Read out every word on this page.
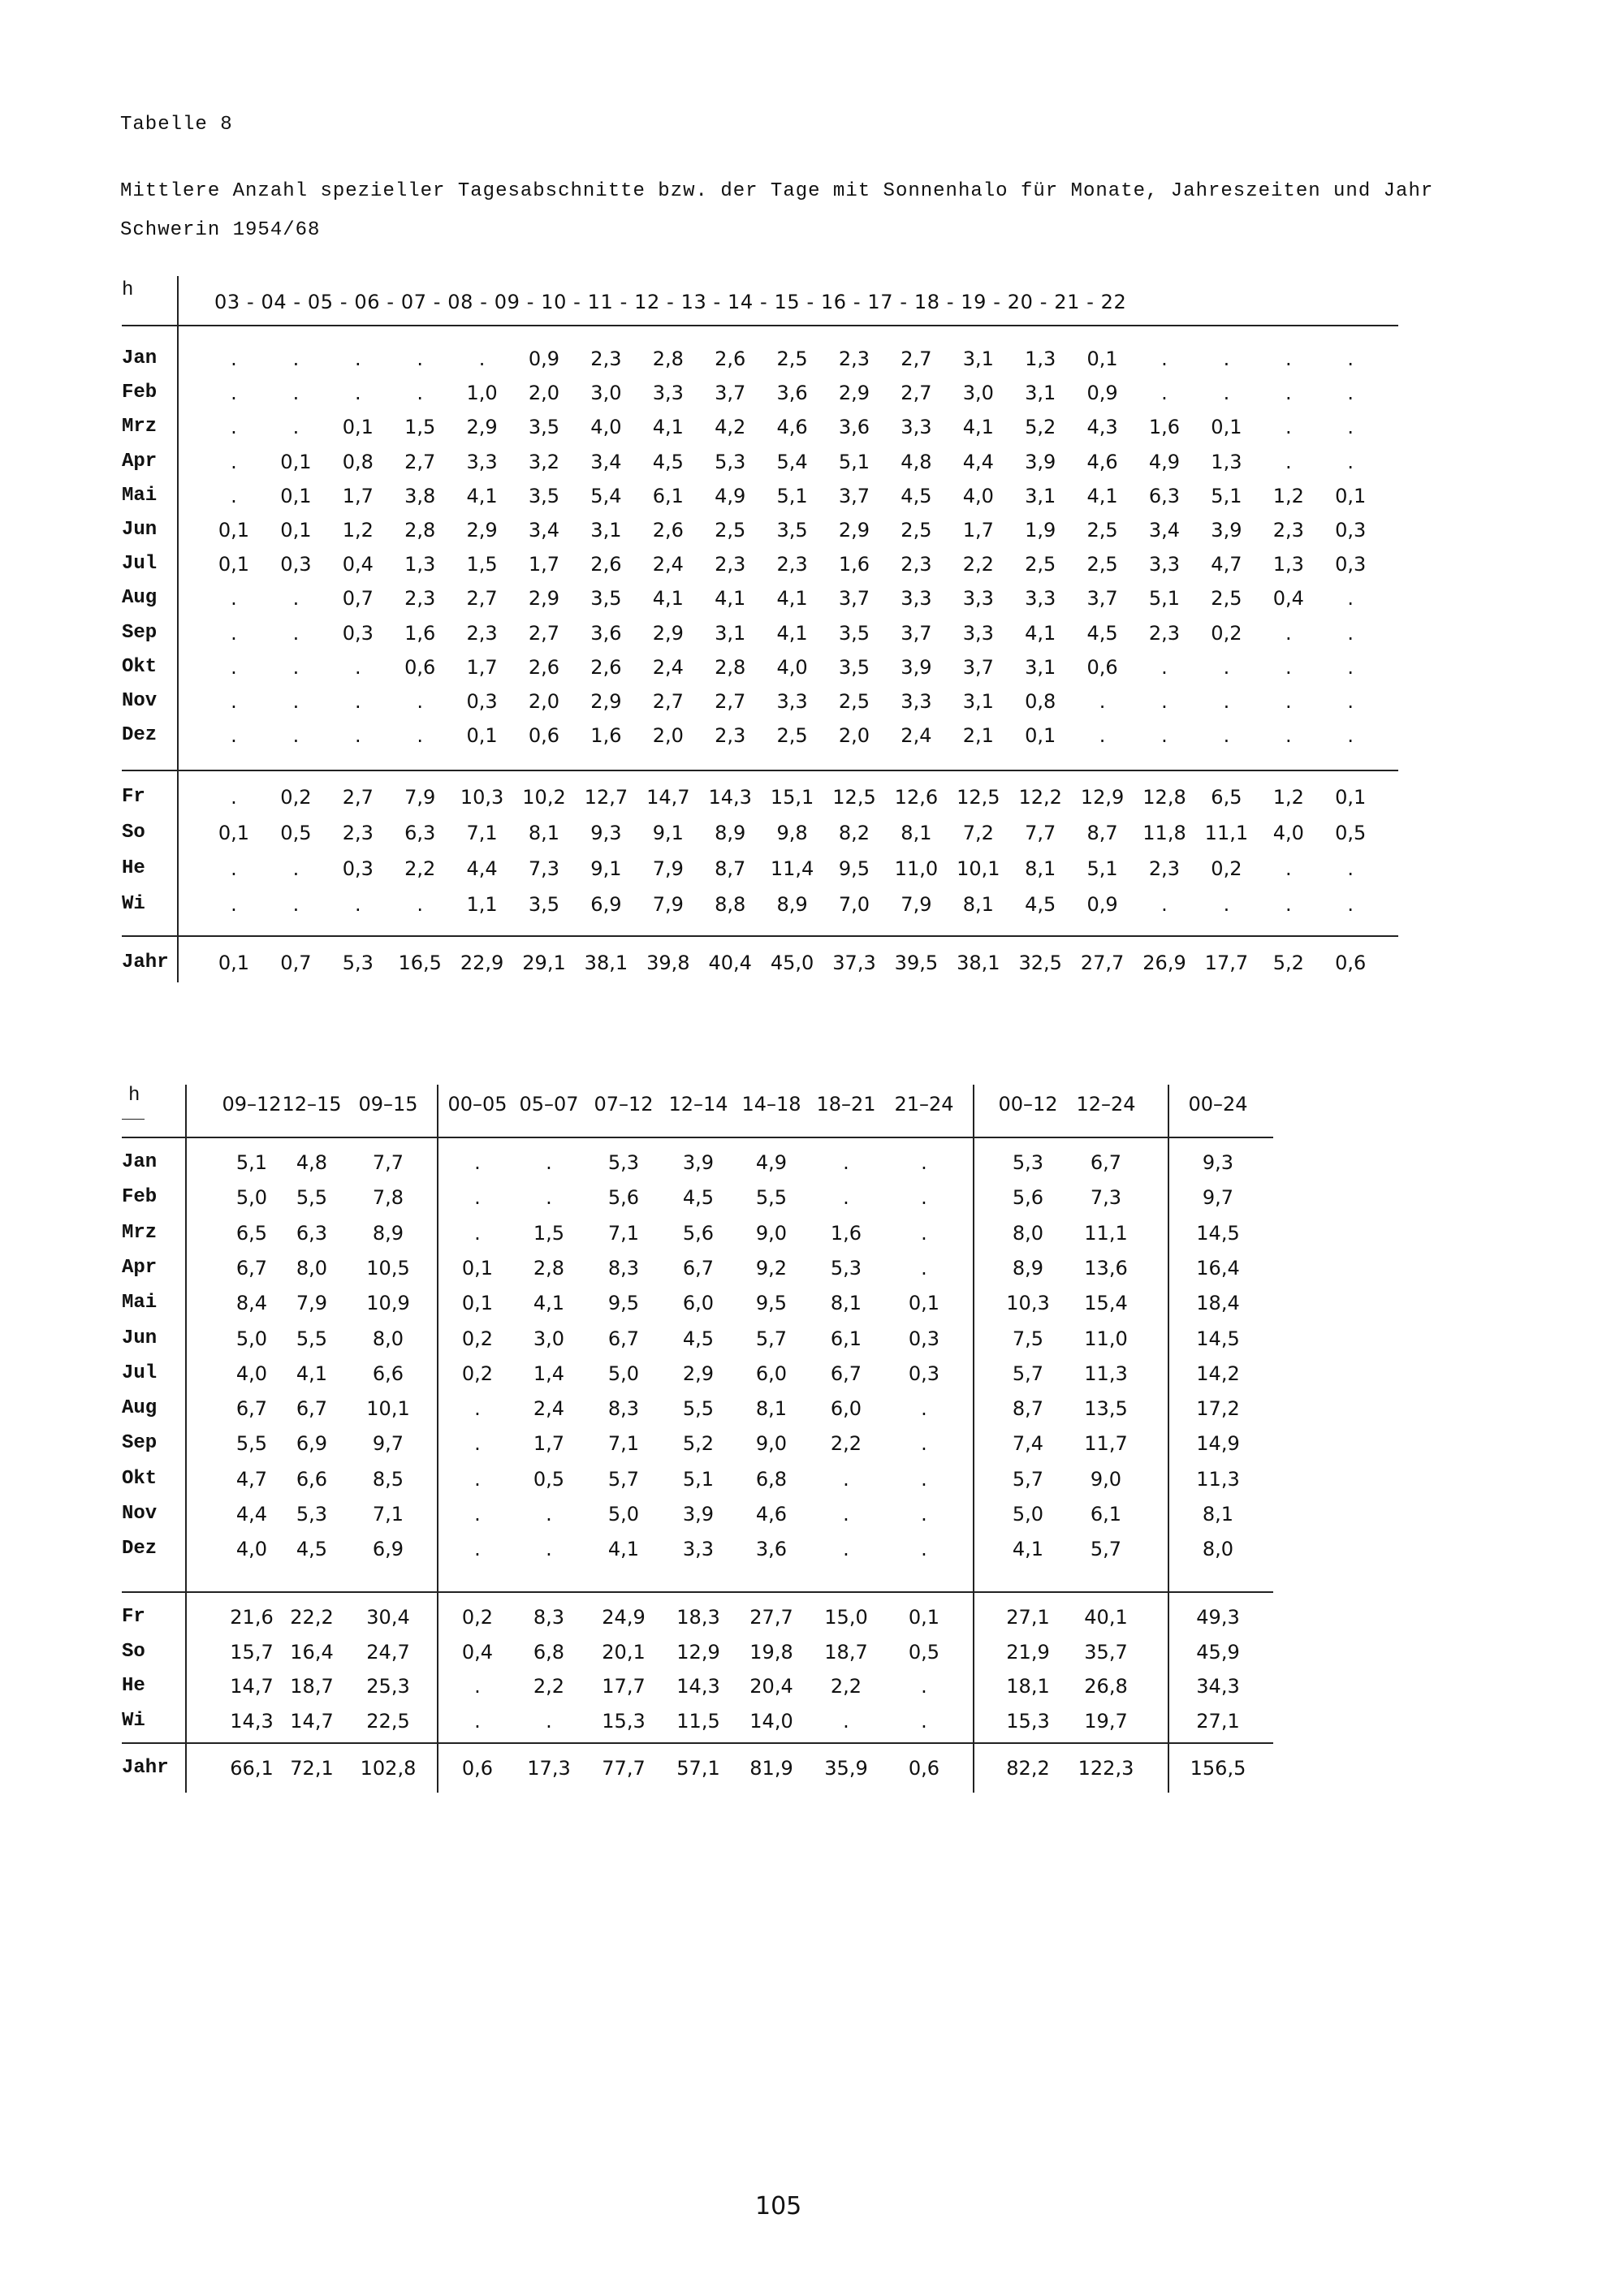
Tabelle 8
Mittlere Anzahl spezieller Tagesabschnitte bzw. der Tage mit Sonnenhalo für Monate, Jahreszeiten und Jahr
Schwerin 1954/68
h
03 - 04 - 05 - 06 - 07 - 08 - 09 - 10 - 11 - 12 - 13 - 14 - 15 - 16 - 17 - 18 - 19 - 20 - 21 - 22
Jan	.	.	.	.	.	0,9	2,3	2,8	2,6	2,5	2,3	2,7	3,1	1,3	0,1	.	.	.	.
Feb	.	.	.	.	1,0	2,0	3,0	3,3	3,7	3,6	2,9	2,7	3,0	3,1	0,9	.	.	.	.
Mrz	.	.	0,1	1,5	2,9	3,5	4,0	4,1	4,2	4,6	3,6	3,3	4,1	5,2	4,3	1,6	0,1	.	.
Apr	.	0,1	0,8	2,7	3,3	3,2	3,4	4,5	5,3	5,4	5,1	4,8	4,4	3,9	4,6	4,9	1,3	.	.
Mai	.	0,1	1,7	3,8	4,1	3,5	5,4	6,1	4,9	5,1	3,7	4,5	4,0	3,1	4,1	6,3	5,1	1,2	0,1
Jun	0,1	0,1	1,2	2,8	2,9	3,4	3,1	2,6	2,5	3,5	2,9	2,5	1,7	1,9	2,5	3,4	3,9	2,3	0,3
Jul	0,1	0,3	0,4	1,3	1,5	1,7	2,6	2,4	2,3	2,3	1,6	2,3	2,2	2,5	2,5	3,3	4,7	1,3	0,3
Aug	.	.	0,7	2,3	2,7	2,9	3,5	4,1	4,1	4,1	3,7	3,3	3,3	3,3	3,7	5,1	2,5	0,4	.
Sep	.	.	0,3	1,6	2,3	2,7	3,6	2,9	3,1	4,1	3,5	3,7	3,3	4,1	4,5	2,3	0,2	.	.
Okt	.	.	.	0,6	1,7	2,6	2,6	2,4	2,8	4,0	3,5	3,9	3,7	3,1	0,6	.	.	.	.
Nov	.	.	.	.	0,3	2,0	2,9	2,7	2,7	3,3	2,5	3,3	3,1	0,8	.	.	.	.	.
Dez	.	.	.	.	0,1	0,6	1,6	2,0	2,3	2,5	2,0	2,4	2,1	0,1	.	.	.	.	.
Fr	.	0,2	2,7	7,9	10,3 10,2 12,7 14,7 14,3 15,1 12,5 12,6 12,5 12,2 12,9 12,8	6,5	1,2	0,1
So	0,1	0,5	2,3	6,3	7,1	8,1	9,3	9,1	8,9	9,8	8,2	8,1	7,2	7,7	8,7	11,8 11,1	4,0	0,5
He	.	.	0,3	2,2	4,4	7,3	9,1	7,9	8,7	11,4	9,5	11,0 10,1	8,1	5,1	2,3	0,2	.	.
Wi	.	.	.	.	1,1	3,5	6,9	7,9	8,8	8,9	7,0	7,9	8,1	4,5	0,9	.	.	.	.
Jahr	0,1	0,7	5,3	16,5 22,9 29,1 38,1 39,8 40,4 45,0 37,3 39,5 38,1 32,5 27,7 26,9 17,7	5,2	0,6
h	09–12 12–15 09–15	00–05 05–07 07–12 12–14 14–18 18–21 21–24	00–12 12–24	00–24
Jan	5,1	4,8	7,7	.	.	5,3	3,9	4,9	.	.	5,3	6,7	9,3
Feb	5,0	5,5	7,8	.	.	5,6	4,5	5,5	.	.	5,6	7,3	9,7
Mrz	6,5	6,3	8,9	.	1,5	7,1	5,6	9,0	1,6	.	8,0	11,1	14,5
Apr	6,7	8,0	10,5	0,1	2,8	8,3	6,7	9,2	5,3	.	8,9	13,6	16,4
Mai	8,4	7,9	10,9	0,1	4,1	9,5	6,0	9,5	8,1	0,1	10,3	15,4	18,4
Jun	5,0	5,5	8,0	0,2	3,0	6,7	4,5	5,7	6,1	0,3	7,5	11,0	14,5
Jul	4,0	4,1	6,6	0,2	1,4	5,0	2,9	6,0	6,7	0,3	5,7	11,3	14,2
Aug	6,7	6,7	10,1	.	2,4	8,3	5,5	8,1	6,0	.	8,7	13,5	17,2
Sep	5,5	6,9	9,7	.	1,7	7,1	5,2	9,0	2,2	.	7,4	11,7	14,9
Okt	4,7	6,6	8,5	.	0,5	5,7	5,1	6,8	.	.	5,7	9,0	11,3
Nov	4,4	5,3	7,1	.	.	5,0	3,9	4,6	.	.	5,0	6,1	8,1
Dez	4,0	4,5	6,9	.	.	4,1	3,3	3,6	.	.	4,1	5,7	8,0
Fr	21,6 22,2	30,4	0,2	8,3	24,9	18,3	27,7	15,0	0,1	27,1	40,1	49,3
So	15,7 16,4	24,7	0,4	6,8	20,1	12,9	19,8	18,7	0,5	21,9	35,7	45,9
He	14,7 18,7	25,3	.	2,2	17,7	14,3	20,4	2,2	.	18,1	26,8	34,3
Wi	14,3 14,7	22,5	.	.	15,3	11,5	14,0	.	.	15,3	19,7	27,1
Jahr	66,1 72,1	102,8	0,6	17,3	77,7	57,1	81,9	35,9	0,6	82,2	122,3	156,5
105
